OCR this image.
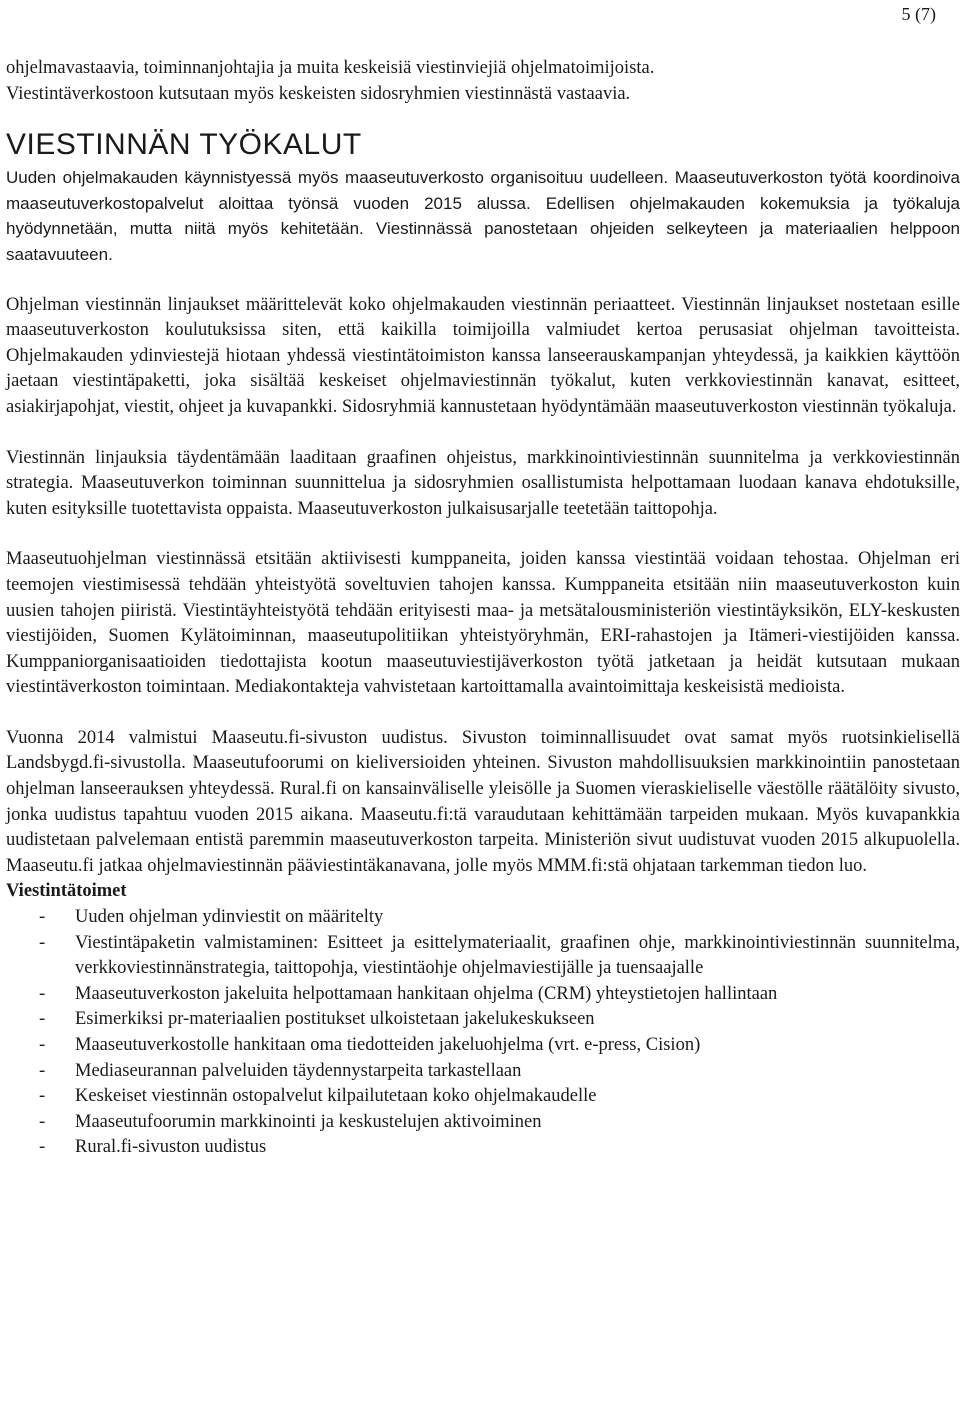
5 (7)

ohjelmavastaavia, toiminnanjohtajia ja muita keskeisiä viestinviejiä ohjelmatoimijoista.

Viestintäverkostoon kutsutaan myös keskeisten sidosryhmien viestinnästä vastaavia.

VIESTINNÄN TYÖKALUT

Uuden ohjelmakauden käynnistyessä myös maaseutuverkosto organisoituu uudelleen. Maaseutuverkoston työtä koordinoiva maaseutuverkostopalvelut aloittaa työnsä vuoden 2015 alussa. Edellisen ohjelmakauden kokemuksia ja työkaluja hyödynnetään, mutta niitä myös kehitetään. Viestinnässä panostetaan ohjeiden selkeyteen ja materiaalien helppoon saatavuuteen.

Ohjelman viestinnän linjaukset määrittelevät koko ohjelmakauden viestinnän periaatteet. Viestinnän linjaukset nostetaan esille maaseutuverkoston koulutuksissa siten, että kaikilla toimijoilla valmiudet kertoa perusasiat ohjelman tavoitteista. Ohjelmakauden ydinviestejä hiotaan yhdessä viestintätoimiston kanssa lanseerauskampanjan yhteydessä, ja kaikkien käyttöön jaetaan viestintäpaketti, joka sisältää keskeiset ohjelmaviestinnän työkalut, kuten verkkoviestinnän kanavat, esitteet, asiakirjapohjat, viestit, ohjeet ja kuvapankki. Sidosryhmiä kannustetaan hyödyntämään maaseutuverkoston viestinnän työkaluja.

Viestinnän linjauksia täydentämään laaditaan graafinen ohjeistus, markkinointiviestinnän suunnitelma ja verkkoviestinnän strategia. Maaseutuverkon toiminnan suunnittelua ja sidosryhmien osallistumista helpottamaan luodaan kanava ehdotuksille, kuten esityksille tuotettavista oppaista. Maaseutuverkoston julkaisusarjalle teetetään taittopohja.

Maaseutuohjelman viestinnässä etsitään aktiivisesti kumppaneita, joiden kanssa viestintää voidaan tehostaa. Ohjelman eri teemojen viestimisessä tehdään yhteistyötä soveltuvien tahojen kanssa. Kumppaneita etsitään niin maaseutuverkoston kuin uusien tahojen piiristä. Viestintäyhteistyötä tehdään erityisesti maa- ja metsätalousministeriön viestintäyksikön, ELY-keskusten viestijöiden, Suomen Kylätoiminnan, maaseutupolitiikan yhteistyöryhmän, ERI-rahastojen ja Itämeri-viestijöiden kanssa. Kumppaniorganisaatioiden tiedottajista kootun maaseutuviestijäverkoston työtä jatketaan ja heidät kutsutaan mukaan viestintäverkoston toimintaan. Mediakontakteja vahvistetaan kartoittamalla avaintoimittaja keskeisistä medioista.

Vuonna 2014 valmistui Maaseutu.fi-sivuston uudistus. Sivuston toiminnallisuudet ovat samat myös ruotsinkielisellä Landsbygd.fi-sivustolla. Maaseutufoorumi on kieliversioiden yhteinen. Sivuston mahdollisuuksien markkinointiin panostetaan ohjelman lanseerauksen yhteydessä. Rural.fi on kansainväliselle yleisölle ja Suomen vieraskieliselle väestölle räätälöity sivusto, jonka uudistus tapahtuu vuoden 2015 aikana. Maaseutu.fi:tä varaudutaan kehittämään tarpeiden mukaan. Myös kuvapankkia uudistetaan palvelemaan entistä paremmin maaseutuverkoston tarpeita. Ministeriön sivut uudistuvat vuoden 2015 alkupuolella. Maaseutu.fi jatkaa ohjelmaviestinnän pääviestintäkanavana, jolle myös MMM.fi:stä ohjataan tarkemman tiedon luo.

Viestintätoimet

- Uuden ohjelman ydinviestit on määritelty
- Viestintäpaketin valmistaminen: Esitteet ja esittelymateriaalit, graafinen ohje, markkinointiviestinnän suunnitelma, verkkoviestinnänstrategia, taittopohja, viestintäohje ohjelmaviestijälle ja tuensaajalle
- Maaseutuverkoston jakeluita helpottamaan hankitaan ohjelma (CRM) yhteystietojen hallintaan
- Esimerkiksi pr-materiaalien postitukset ulkoistetaan jakelukeskukseen
- Maaseutuverkostolle hankitaan oma tiedotteiden jakeluohjelma (vrt. e-press, Cision)
- Mediaseurannan palveluiden täydennystarpeita tarkastellaan
- Keskeiset viestinnän ostopalvelut kilpailutetaan koko ohjelmakaudelle
- Maaseutufoorumin markkinointi ja keskustelujen aktivoiminen
- Rural.fi-sivuston uudistus
